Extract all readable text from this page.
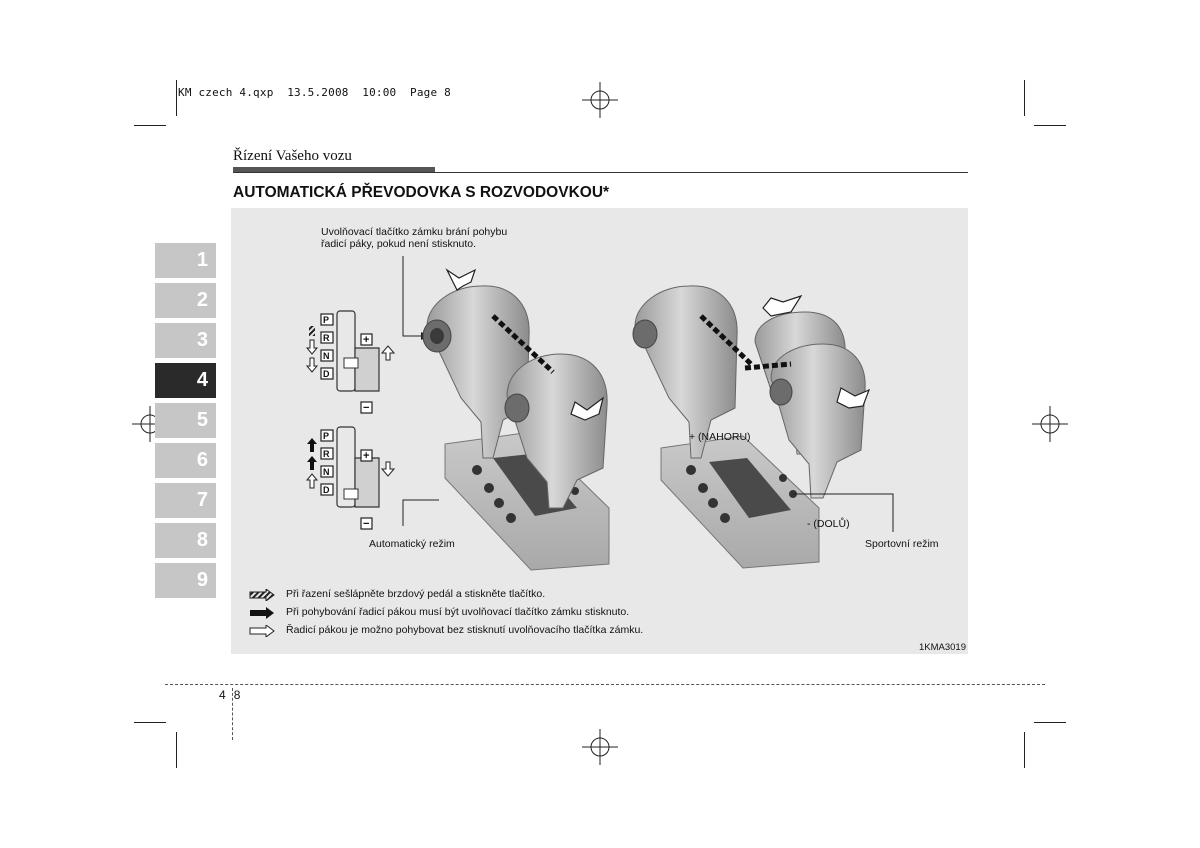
KM czech 4.qxp 13.5.2008 10:00 Page 8
Řízení Vašeho vozu
AUTOMATICKÁ PŘEVODOVKA S ROZVODOVKOU*
1
2
3
4
5
6
7
8
9
Uvolňovací tlačítko zámku brání pohybu
řadicí páky, pokud není stisknuto.
P
R
N
D
P
R
N
D
+
−
+
−
+ (NAHORU)
- (DOLŮ)
Automatický režim	Sportovní režim
Při řazení sešlápněte brzdový pedál a stiskněte tlačítko.
Při pohybování řadicí pákou musí být uvolňovací tlačítko zámku stisknuto.
Řadicí pákou je možno pohybovat bez stisknutí uvolňovacího tlačítka zámku.
1KMA3019
4 8
